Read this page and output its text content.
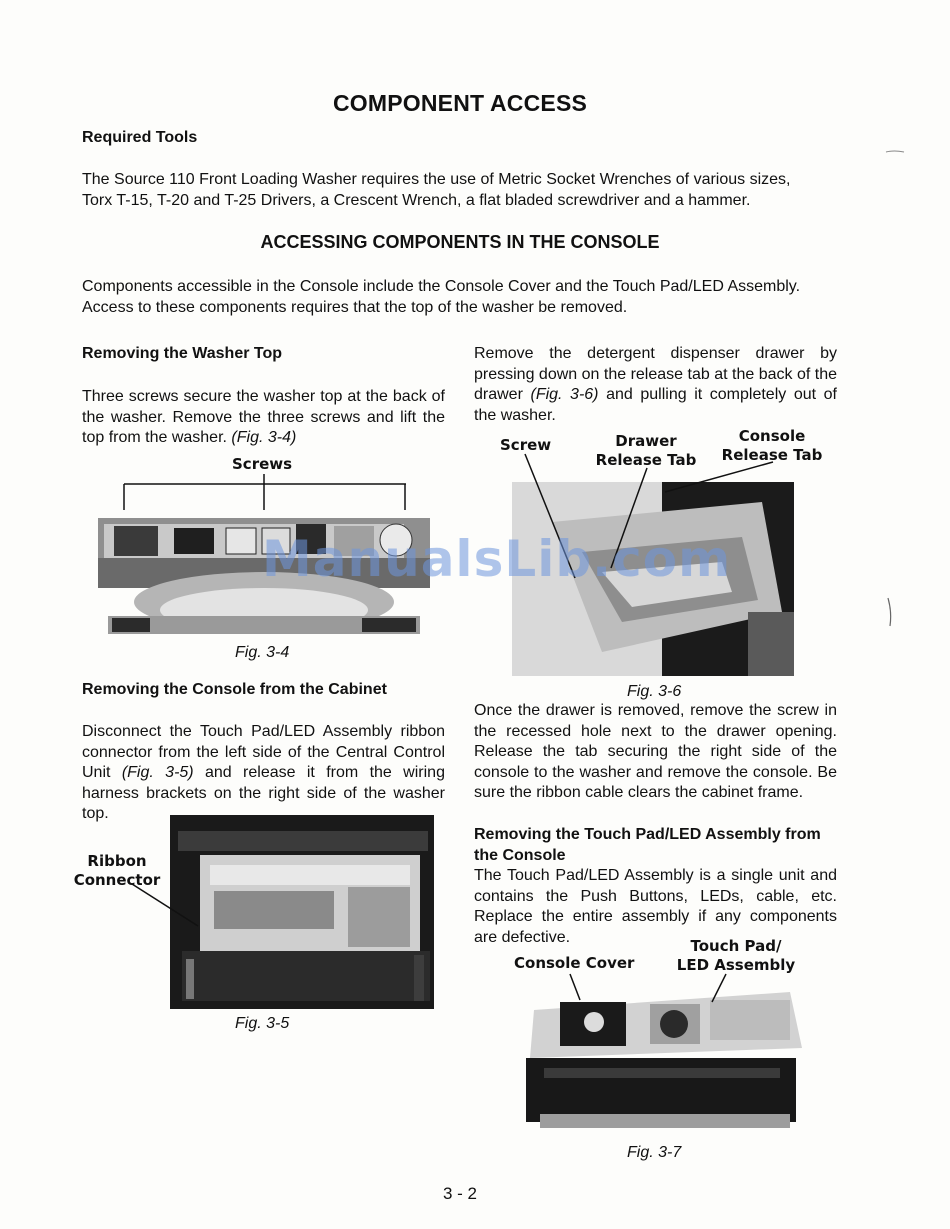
COMPONENT ACCESS
Required Tools
The Source 110 Front Loading Washer requires the use of Metric Socket Wrenches of various sizes, Torx T-15, T-20 and T-25 Drivers, a Crescent Wrench, a flat bladed screwdriver and a hammer.
ACCESSING COMPONENTS IN THE CONSOLE
Components accessible in the Console include the Console Cover and the Touch Pad/LED Assembly. Access to these components requires that the top of the washer be removed.
Removing the Washer Top
Three screws secure the washer top at the back of the washer. Remove the three screws and lift the top from the washer. (Fig. 3-4)
Screws
Fig. 3-4
Removing the Console from the Cabinet
Disconnect the Touch Pad/LED Assembly ribbon connector from the left side of the Central Control Unit (Fig. 3-5) and release it from the wiring harness brackets on the right side of the washer top.
Ribbon
Connector
Fig. 3-5
Remove the detergent dispenser drawer by pressing down on the release tab at the back of the drawer (Fig. 3-6) and pulling it completely out of the washer.
Screw	Drawer
Release Tab
Console
Release Tab
Fig. 3-6
Once the drawer is removed, remove the screw in the recessed hole next to the drawer opening. Release the tab securing the right side of the console to the washer and remove the console. Be sure the ribbon cable clears the cabinet frame.
Removing the Touch Pad/LED Assembly from the Console
The Touch Pad/LED Assembly is a single unit and contains the Push Buttons, LEDs, cable, etc. Replace the entire assembly if any components are defective.
Console Cover
Touch Pad/
LED Assembly
Fig. 3-7
ManualsLib.com
3 - 2
